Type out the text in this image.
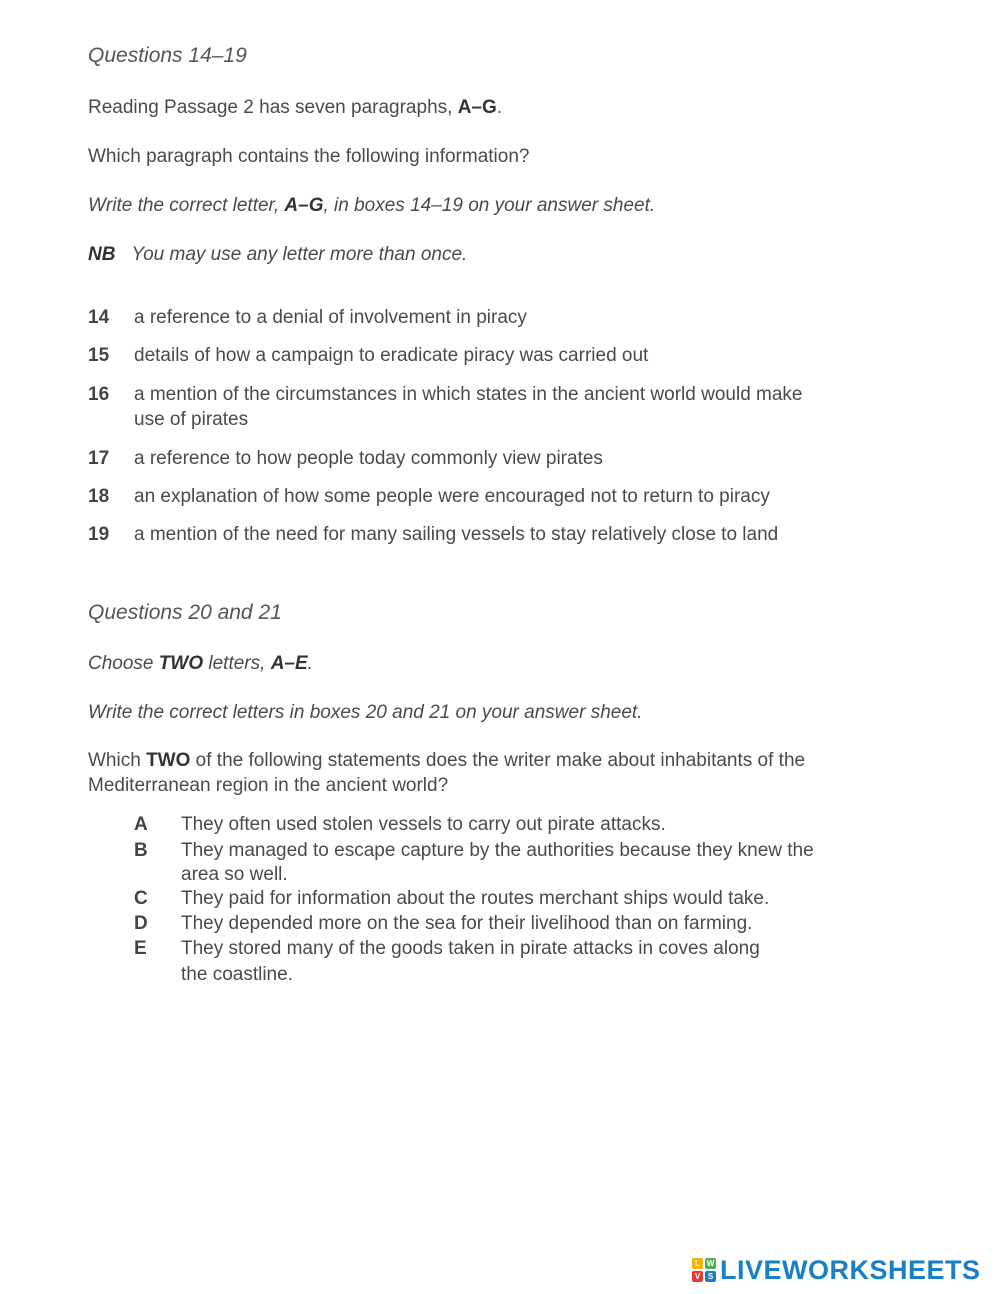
Questions 14–19
Reading Passage 2 has seven paragraphs, A–G.
Which paragraph contains the following information?
Write the correct letter, A–G, in boxes 14–19 on your answer sheet.
NB You may use any letter more than once.
14 a reference to a denial of involvement in piracy
15 details of how a campaign to eradicate piracy was carried out
16 a mention of the circumstances in which states in the ancient world would make
use of pirates
17 a reference to how people today commonly view pirates
18 an explanation of how some people were encouraged not to return to piracy
19 a mention of the need for many sailing vessels to stay relatively close to land
Questions 20 and 21
Choose TWO letters, A–E.
Write the correct letters in boxes 20 and 21 on your answer sheet.
Which TWO of the following statements does the writer make about inhabitants of the
Mediterranean region in the ancient world?
A They often used stolen vessels to carry out pirate attacks.
B They managed to escape capture by the authorities because they knew the
area so well.
C They paid for information about the routes merchant ships would take.
D They depended more on the sea for their livelihood than on farming.
E They stored many of the goods taken in pirate attacks in coves along
the coastline.
L W
V S LIVEWORKSHEETS
